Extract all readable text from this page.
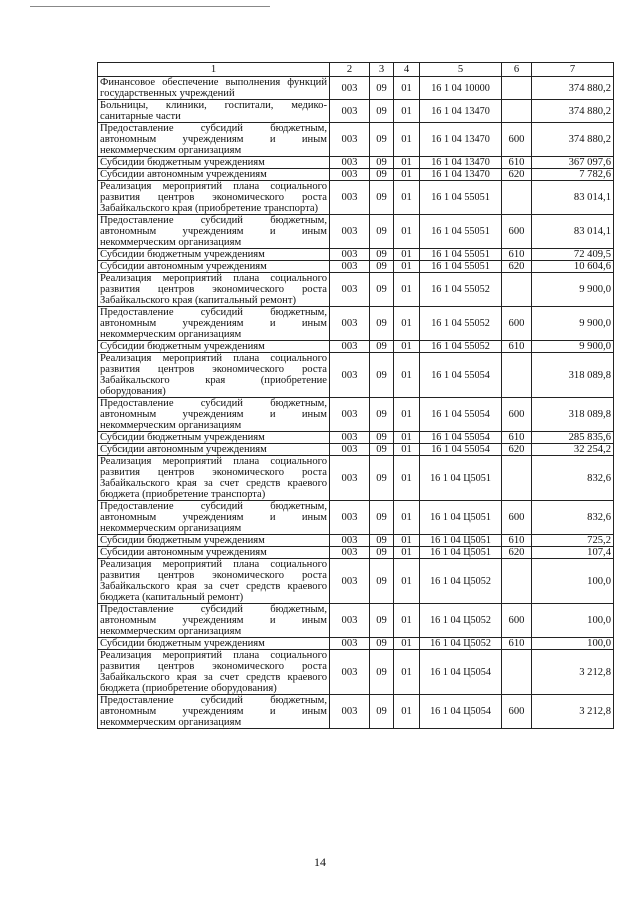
1	2	3	4	5	6	7
Финансовое обеспечение выполнения функций государственных учреждений	003	09	01	16 1 04 10000		374 880,2
Больницы, клиники, госпитали, медико-санитарные части	003	09	01	16 1 04 13470		374 880,2
Предоставление субсидий бюджетным, автономным учреждениям и иным некоммерческим организациям	003	09	01	16 1 04 13470	600	374 880,2
Субсидии бюджетным учреждениям	003	09	01	16 1 04 13470	610	367 097,6
Субсидии автономным учреждениям	003	09	01	16 1 04 13470	620	7 782,6
Реализация мероприятий плана социального развития центров экономического роста Забайкальского края (приобретение транспорта)	003	09	01	16 1 04 55051		83 014,1
Предоставление субсидий бюджетным, автономным учреждениям и иным некоммерческим организациям	003	09	01	16 1 04 55051	600	83 014,1
Субсидии бюджетным учреждениям	003	09	01	16 1 04 55051	610	72 409,5
Субсидии автономным учреждениям	003	09	01	16 1 04 55051	620	10 604,6
Реализация мероприятий плана социального развития центров экономического роста Забайкальского края (капитальный ремонт)	003	09	01	16 1 04 55052		9 900,0
Предоставление субсидий бюджетным, автономным учреждениям и иным некоммерческим организациям	003	09	01	16 1 04 55052	600	9 900,0
Субсидии бюджетным учреждениям	003	09	01	16 1 04 55052	610	9 900,0
Реализация мероприятий плана социального развития центров экономического роста Забайкальского края (приобретение оборудования)	003	09	01	16 1 04 55054		318 089,8
Предоставление субсидий бюджетным, автономным учреждениям и иным некоммерческим организациям	003	09	01	16 1 04 55054	600	318 089,8
Субсидии бюджетным учреждениям	003	09	01	16 1 04 55054	610	285 835,6
Субсидии автономным учреждениям	003	09	01	16 1 04 55054	620	32 254,2
Реализация мероприятий плана социального развития центров экономического роста Забайкальского края за счет средств краевого бюджета (приобретение транспорта)	003	09	01	16 1 04 Ц5051		832,6
Предоставление субсидий бюджетным, автономным учреждениям и иным некоммерческим организациям	003	09	01	16 1 04 Ц5051	600	832,6
Субсидии бюджетным учреждениям	003	09	01	16 1 04 Ц5051	610	725,2
Субсидии автономным учреждениям	003	09	01	16 1 04 Ц5051	620	107,4
Реализация мероприятий плана социального развития центров экономического роста Забайкальского края за счет средств краевого бюджета (капитальный ремонт)	003	09	01	16 1 04 Ц5052		100,0
Предоставление субсидий бюджетным, автономным учреждениям и иным некоммерческим организациям	003	09	01	16 1 04 Ц5052	600	100,0
Субсидии бюджетным учреждениям	003	09	01	16 1 04 Ц5052	610	100,0
Реализация мероприятий плана социального развития центров экономического роста Забайкальского края за счет средств краевого бюджета (приобретение оборудования)	003	09	01	16 1 04 Ц5054		3 212,8
Предоставление субсидий бюджетным, автономным учреждениям и иным некоммерческим организациям	003	09	01	16 1 04 Ц5054	600	3 212,8
14
